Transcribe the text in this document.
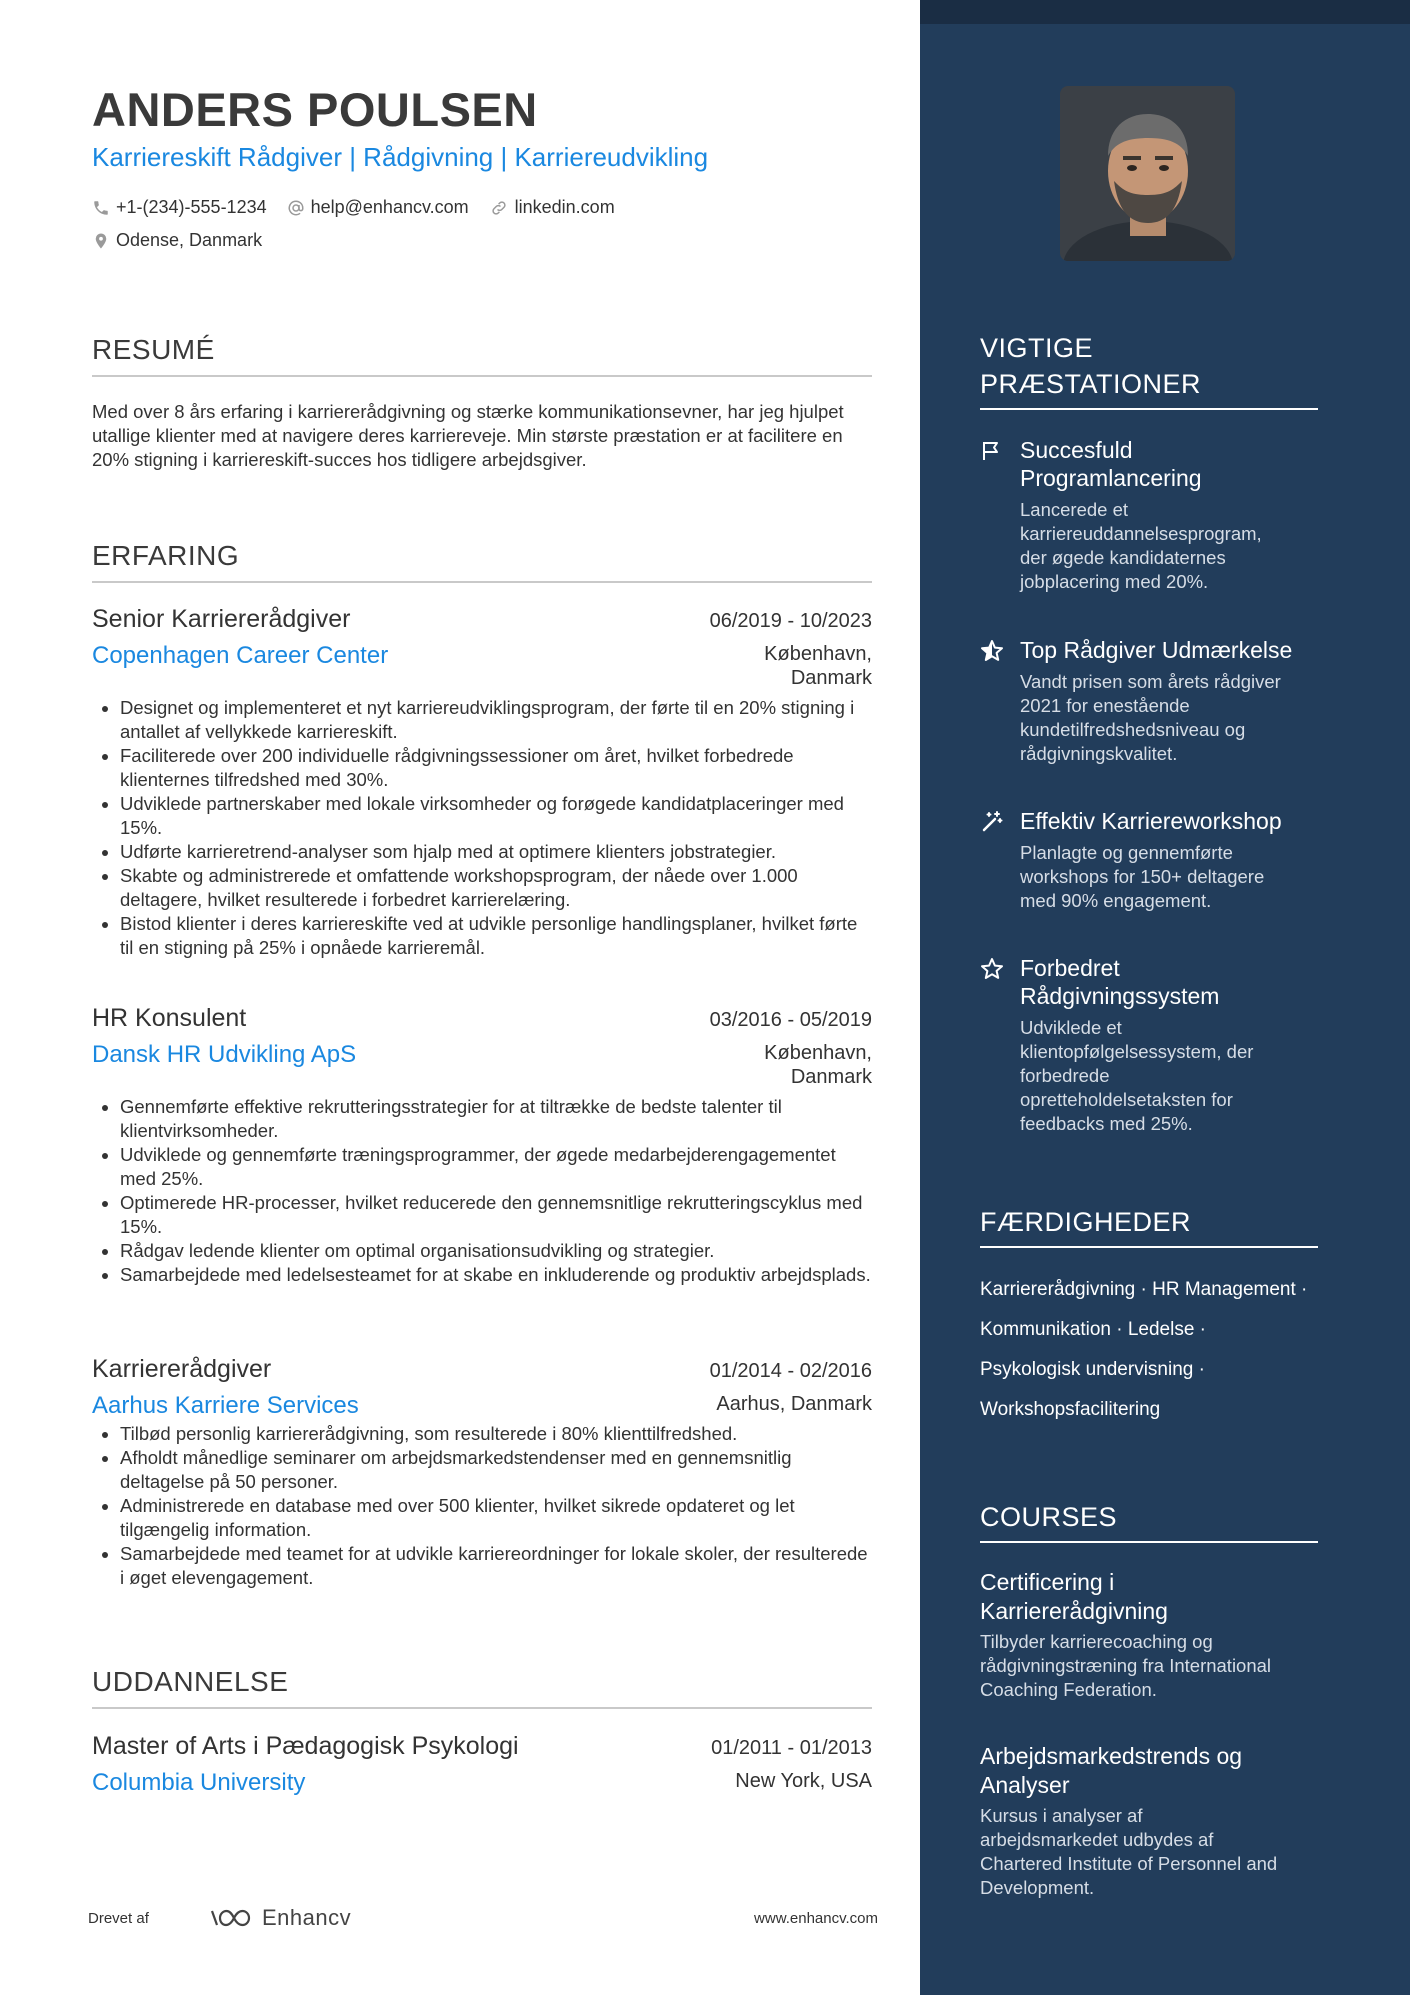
ANDERS POULSEN
Karriereskift Rådgiver | Rådgivning | Karriereudvikling
+1-(234)-555-1234 help@enhancv.com	linkedin.com
Odense, Danmark
RESUMÉ
Med over 8 års erfaring i karriererådgivning og stærke kommunikationsevner, har jeg hjulpet utallige klienter med at navigere deres karriereveje. Min største præstation er at facilitere en 20% stigning i karriereskift-succes hos tidligere arbejdsgiver.
ERFARING
Senior Karriererådgiver	06/2019 - 10/2023
Copenhagen Career Center	København,
Danmark
• Designet og implementeret et nyt karriereudviklingsprogram, der førte til en 20% stigning i antallet af vellykkede karriereskift.
• Faciliterede over 200 individuelle rådgivningssessioner om året, hvilket forbedrede klienternes tilfredshed med 30%.
• Udviklede partnerskaber med lokale virksomheder og forøgede kandidatplaceringer med 15%.
• Udførte karrieretrend-analyser som hjalp med at optimere klienters jobstrategier.
• Skabte og administrerede et omfattende workshopsprogram, der nåede over 1.000 deltagere, hvilket resulterede i forbedret karrierelæring.
• Bistod klienter i deres karriereskifte ved at udvikle personlige handlingsplaner, hvilket førte til en stigning på 25% i opnåede karrieremål.
HR Konsulent	03/2016 - 05/2019
Dansk HR Udvikling ApS	København,
Danmark
• Gennemførte effektive rekrutteringsstrategier for at tiltrække de bedste talenter til klientvirksomheder.
• Udviklede og gennemførte træningsprogrammer, der øgede medarbejderengagementet med 25%.
• Optimerede HR-processer, hvilket reducerede den gennemsnitlige rekrutteringscyklus med 15%.
• Rådgav ledende klienter om optimal organisationsudvikling og strategier.
• Samarbejdede med ledelsesteamet for at skabe en inkluderende og produktiv arbejdsplads.
Karriererådgiver	01/2014 - 02/2016
Aarhus Karriere Services	Aarhus, Danmark
• Tilbød personlig karriererådgivning, som resulterede i 80% klienttilfredshed.
• Afholdt månedlige seminarer om arbejdsmarkedstendenser med en gennemsnitlig deltagelse på 50 personer.
• Administrerede en database med over 500 klienter, hvilket sikrede opdateret og let tilgængelig information.
• Samarbejdede med teamet for at udvikle karriereordninger for lokale skoler, der resulterede i øget elevengagement.
UDDANNELSE
Master of Arts i Pædagogisk Psykologi	01/2011 - 01/2013
Columbia University	New York, USA
Drevet af	Enhancv	www.enhancv.com
VIGTIGE
PRÆSTATIONER
Succesfuld
Programlancering
Lancerede et
karriereuddannelsesprogram,
der øgede kandidaternes
jobplacering med 20%.
Top Rådgiver Udmærkelse
Vandt prisen som årets rådgiver
2021 for enestående
kundetilfredshedsniveau og
rådgivningskvalitet.
Effektiv Karriereworkshop
Planlagte og gennemførte
workshops for 150+ deltagere
med 90% engagement.
Forbedret
Rådgivningssystem
Udviklede et
klientopfølgelsessystem, der
forbedrede
opretteholdelsetaksten for
feedbacks med 25%.
FÆRDIGHEDER
Karriererådgivning · HR Management ·
Kommunikation · Ledelse ·
Psykologisk undervisning ·
Workshopsfacilitering
COURSES
Certificering i
Karriererådgivning
Tilbyder karrierecoaching og
rådgivningstræning fra International
Coaching Federation.
Arbejdsmarkedstrends og
Analyser
Kursus i analyser af
arbejdsmarkedet udbydes af
Chartered Institute of Personnel and
Development.
